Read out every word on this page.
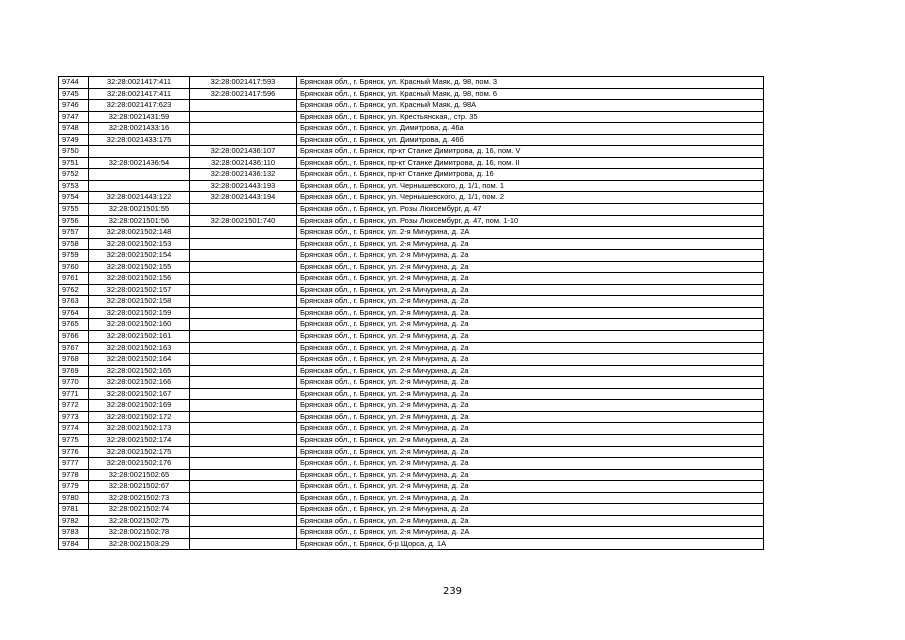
9744	32:28:0021417:411	32:28:0021417:593	Брянская обл., г. Брянск, ул. Красный Маяк, д. 98, пом. 3
9745	32:28:0021417:411	32:28:0021417:596	Брянская обл., г. Брянск, ул. Красный Маяк, д. 98, пом. 6
9746	32:28:0021417:623		Брянская обл., г. Брянск, ул. Красный Маяк, д. 98А
9747	32:28:0021431:59		Брянская обл., г. Брянск, ул. Крестьянская,, стр. 35
9748	32:28:0021433:16		Брянская обл., г. Брянск, ул. Димитрова, д. 46а
9749	32:28:0021433:175		Брянская обл., г. Брянск, ул. Димитрова, д. 46б
9750		32:28:0021436:107	Брянская обл., г. Брянск, пр-кт Станке Димитрова, д. 16, пом. V
9751	32:28:0021436:54	32:28:0021436:110	Брянская обл., г. Брянск, пр-кт Станке Димитрова, д. 16, пом. II
9752		32:28:0021436:132	Брянская обл., г. Брянск, пр-кт Станке Димитрова, д. 16
9753		32:28:0021443:193	Брянская обл., г. Брянск, ул. Чернышевского, д. 1/1, пом. 1
9754	32:28:0021443:122	32:28:0021443:194	Брянская обл., г. Брянск, ул. Чернышевского, д. 1/1, пом. 2
9755	32:28:0021501:55		Брянская обл., г. Брянск, ул. Розы Люксембург, д. 47
9756	32:28:0021501:56	32:28:0021501:740	Брянская обл., г. Брянск, ул. Розы Люксембург, д. 47, пом. 1-10
9757	32:28:0021502:148		Брянская обл., г. Брянск, ул. 2-я Мичурина, д. 2А
9758	32:28:0021502:153		Брянская обл., г. Брянск, ул. 2-я Мичурина, д. 2а
9759	32:28:0021502:154		Брянская обл., г. Брянск, ул. 2-я Мичурина, д. 2а
9760	32:28:0021502:155		Брянская обл., г. Брянск, ул. 2-я Мичурина, д. 2а
9761	32:28:0021502:156		Брянская обл., г. Брянск, ул. 2-я Мичурина, д. 2а
9762	32:28:0021502:157		Брянская обл., г. Брянск, ул. 2-я Мичурина, д. 2а
9763	32:28:0021502:158		Брянская обл., г. Брянск, ул. 2-я Мичурина, д. 2а
9764	32:28:0021502:159		Брянская обл., г. Брянск, ул. 2-я Мичурина, д. 2а
9765	32:28:0021502:160		Брянская обл., г. Брянск, ул. 2-я Мичурина, д. 2а
9766	32:28:0021502:161		Брянская обл., г. Брянск, ул. 2-я Мичурина, д. 2а
9767	32:28:0021502:163		Брянская обл., г. Брянск, ул. 2-я Мичурина, д. 2а
9768	32:28:0021502:164		Брянская обл., г. Брянск, ул. 2-я Мичурина, д. 2а
9769	32:28:0021502:165		Брянская обл., г. Брянск, ул. 2-я Мичурина, д. 2а
9770	32:28:0021502:166		Брянская обл., г. Брянск, ул. 2-я Мичурина, д. 2а
9771	32:28:0021502:167		Брянская обл., г. Брянск, ул. 2-я Мичурина, д. 2а
9772	32:28:0021502:169		Брянская обл., г. Брянск, ул. 2-я Мичурина, д. 2а
9773	32:28:0021502:172		Брянская обл., г. Брянск, ул. 2-я Мичурина, д. 2а
9774	32:28:0021502:173		Брянская обл., г. Брянск, ул. 2-я Мичурина, д. 2а
9775	32:28:0021502:174		Брянская обл., г. Брянск, ул. 2-я Мичурина, д. 2а
9776	32:28:0021502:175		Брянская обл., г. Брянск, ул. 2-я Мичурина, д. 2а
9777	32:28:0021502:176		Брянская обл., г. Брянск, ул. 2-я Мичурина, д. 2а
9778	32:28:0021502:65		Брянская обл., г. Брянск, ул. 2-я Мичурина, д. 2а
9779	32:28:0021502:67		Брянская обл., г. Брянск, ул. 2-я Мичурина, д. 2а
9780	32:28:0021502:73		Брянская обл., г. Брянск, ул. 2-я Мичурина, д. 2а
9781	32:28:0021502:74		Брянская обл., г. Брянск, ул. 2-я Мичурина, д. 2а
9782	32:28:0021502:75		Брянская обл., г. Брянск, ул. 2-я Мичурина, д. 2а
9783	32:28:0021502:78		Брянская обл., г. Брянск, ул. 2-я Мичурина, д. 2А
9784	32:28:0021503:29		Брянская обл., г. Брянск, б-р Щорса, д. 1А
239
